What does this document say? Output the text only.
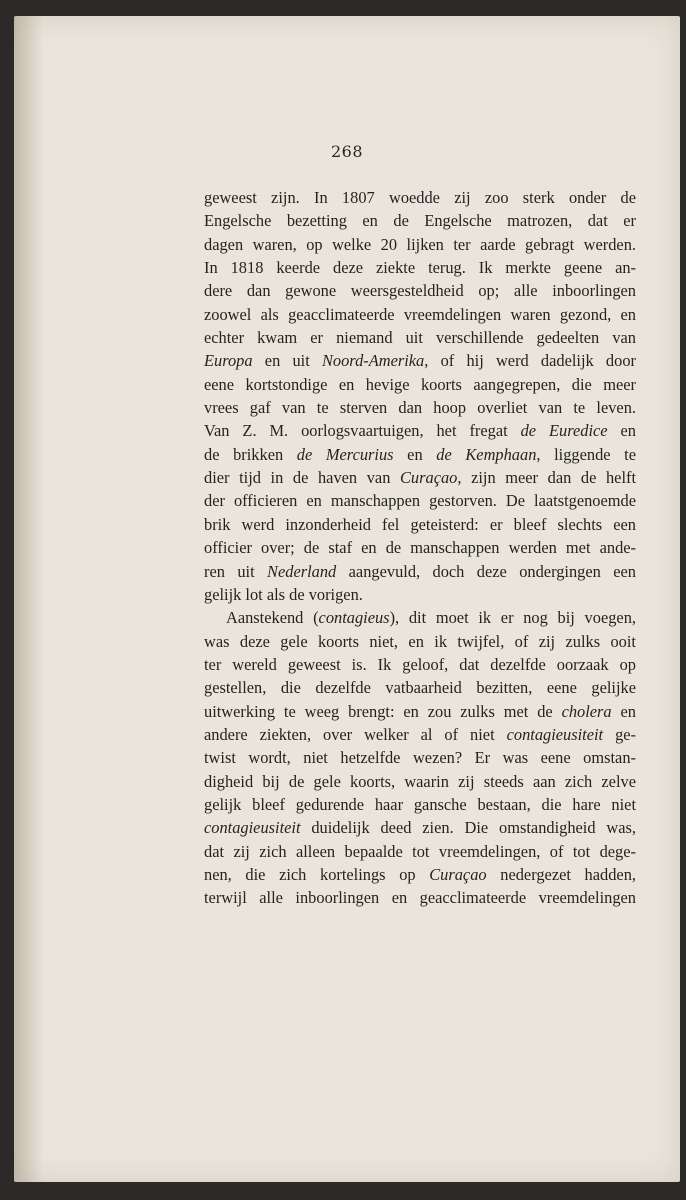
268
geweest zijn. In 1807 woedde zij zoo sterk onder de
Engelsche bezetting en de Engelsche matrozen, dat er
dagen waren, op welke 20 lijken ter aarde gebragt werden.
In 1818 keerde deze ziekte terug. Ik merkte geene an-
dere dan gewone weersgesteldheid op; alle inboorlingen
zoowel als geacclimateerde vreemdelingen waren gezond, en
echter kwam er niemand uit verschillende gedeelten van
Europa en uit Noord-Amerika, of hij werd dadelijk door
eene kortstondige en hevige koorts aangegrepen, die meer
vrees gaf van te sterven dan hoop overliet van te leven.
Van Z. M. oorlogsvaartuigen, het fregat de Euredice en
de brikken de Mercurius en de Kemphaan, liggende te
dier tijd in de haven van Curaçao, zijn meer dan de helft
der officieren en manschappen gestorven. De laatstgenoemde
brik werd inzonderheid fel geteisterd: er bleef slechts een
officier over; de staf en de manschappen werden met ande-
ren uit Nederland aangevuld, doch deze ondergingen een
gelijk lot als de vorigen.
Aanstekend (contagieus), dit moet ik er nog bij voegen,
was deze gele koorts niet, en ik twijfel, of zij zulks ooit
ter wereld geweest is. Ik geloof, dat dezelfde oorzaak op
gestellen, die dezelfde vatbaarheid bezitten, eene gelijke
uitwerking te weeg brengt: en zou zulks met de cholera en
andere ziekten, over welker al of niet contagieusiteit ge-
twist wordt, niet hetzelfde wezen? Er was eene omstan-
digheid bij de gele koorts, waarin zij steeds aan zich zelve
gelijk bleef gedurende haar gansche bestaan, die hare niet
contagieusiteit duidelijk deed zien. Die omstandigheid was,
dat zij zich alleen bepaalde tot vreemdelingen, of tot dege-
nen, die zich kortelings op Curaçao nedergezet hadden,
terwijl alle inboorlingen en geacclimateerde vreemdelingen
